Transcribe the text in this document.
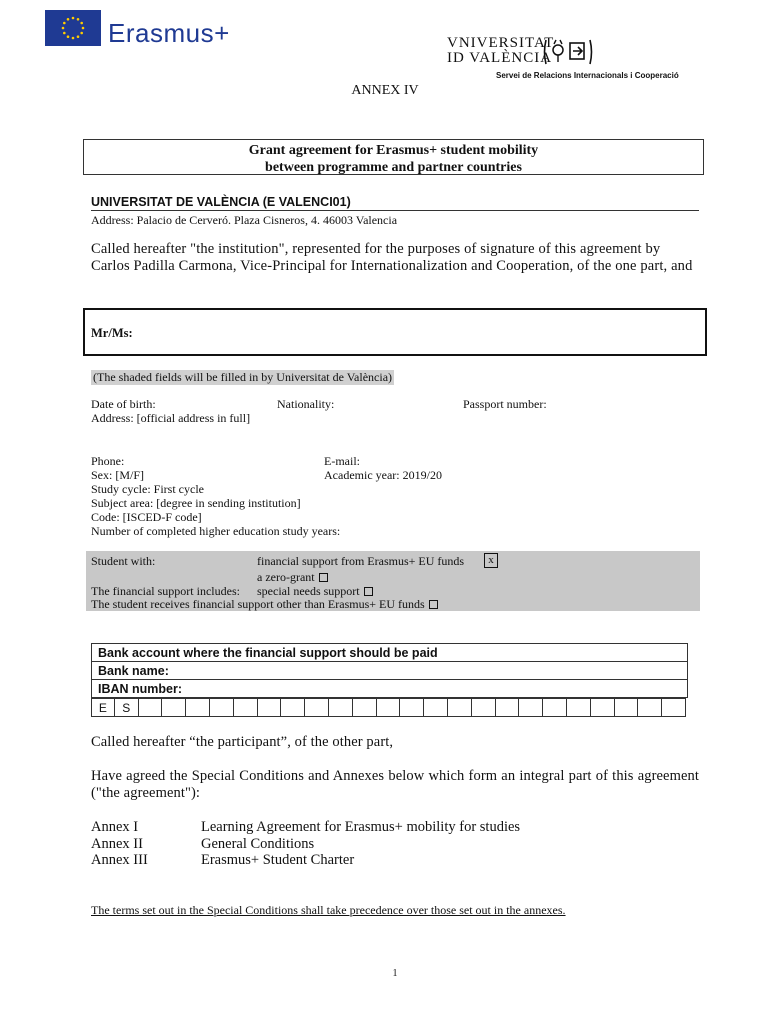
Erasmus+	VNIVERSITAT
ID VALÈNCIA
Servei de Relacions Internacionals i Cooperació
ANNEX IV
Grant agreement for Erasmus+ student mobility
between programme and partner countries
UNIVERSITAT DE VALÈNCIA (E VALENCI01)
Address: Palacio de Cerveró. Plaza Cisneros, 4. 46003 Valencia
Called hereafter "the institution", represented for the purposes of signature of this agreement by Carlos Padilla Carmona, Vice-Principal for Internationalization and Cooperation, of the one part, and
Mr/Ms:
(The shaded fields will be filled in by Universitat de València)
Date of birth:	Nationality:	Passport number:
Address: [official address in full]
Phone:	E-mail:
Sex: [M/F]	Academic year: 2019/20
Study cycle: First cycle
Subject area: [degree in sending institution]
Code: [ISCED-F code]
Number of completed higher education study years:
Student with:	financial support from Erasmus+ EU funds	x
a zero-grant
The financial support includes: special needs support
The student receives financial support other than Erasmus+ EU funds
Bank account where the financial support should be paid
Bank name:
IBAN number:
E	S
Called hereafter “the participant”, of the other part,
Have agreed the Special Conditions and Annexes below which form an integral part of this agreement ("the agreement"):
Annex I	Learning Agreement for Erasmus+ mobility for studies
Annex II	General Conditions
Annex III	Erasmus+ Student Charter
The terms set out in the Special Conditions shall take precedence over those set out in the annexes.
1
